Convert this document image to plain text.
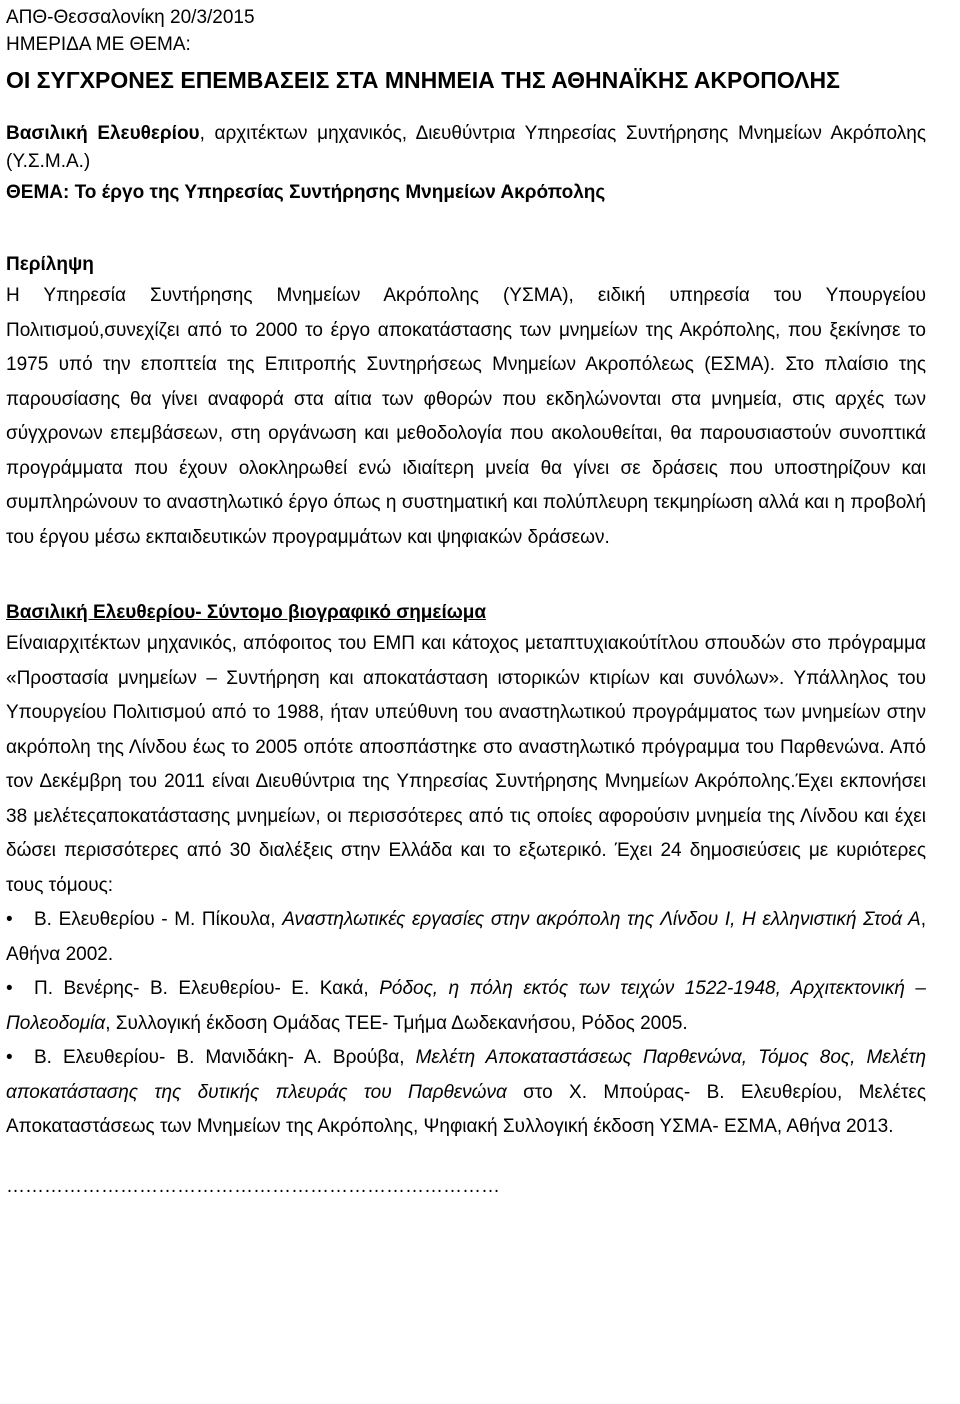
ΑΠΘ-Θεσσαλονίκη 20/3/2015
ΗΜΕΡΙΔΑ ΜΕ ΘΕΜΑ:
ΟΙ ΣΥΓΧΡΟΝΕΣ ΕΠΕΜΒΑΣΕΙΣ ΣΤΑ ΜΝΗΜΕΙΑ ΤΗΣ ΑΘΗΝΑΪΚΗΣ ΑΚΡΟΠΟΛΗΣ
Βασιλική Ελευθερίου, αρχιτέκτων μηχανικός, Διευθύντρια Υπηρεσίας Συντήρησης Μνημείων Ακρόπολης (Υ.Σ.Μ.Α.)
ΘΕΜΑ: Το έργο της Υπηρεσίας Συντήρησης Μνημείων Ακρόπολης
Περίληψη
Η Υπηρεσία Συντήρησης Μνημείων Ακρόπολης (ΥΣΜΑ), ειδική υπηρεσία του Υπουργείου Πολιτισμού,συνεχίζει από το 2000 το έργο αποκατάστασης των μνημείων της Ακρόπολης, που ξεκίνησε το 1975 υπό την εποπτεία της Επιτροπής Συντηρήσεως Μνημείων Ακροπόλεως (ΕΣΜΑ). Στο πλαίσιο της παρουσίασης θα γίνει αναφορά στα αίτια των φθορών που εκδηλώνονται στα μνημεία, στις αρχές των σύγχρονων επεμβάσεων, στη οργάνωση και μεθοδολογία που ακολουθείται, θα παρουσιαστούν συνοπτικά προγράμματα που έχουν ολοκληρωθεί ενώ ιδιαίτερη μνεία θα γίνει σε δράσεις που υποστηρίζουν και συμπληρώνουν το αναστηλωτικό έργο όπως η συστηματική και πολύπλευρη τεκμηρίωση αλλά και η προβολή του έργου μέσω εκπαιδευτικών προγραμμάτων και ψηφιακών δράσεων.
Βασιλική Ελευθερίου- Σύντομο βιογραφικό σημείωμα
Είναιαρχιτέκτων μηχανικός, απόφοιτος του ΕΜΠ και κάτοχος μεταπτυχιακούτίτλου σπουδών στο πρόγραμμα «Προστασία μνημείων – Συντήρηση και αποκατάσταση ιστορικών κτιρίων και συνόλων». Υπάλληλος του Υπουργείου Πολιτισμού από το 1988, ήταν υπεύθυνη του αναστηλωτικού προγράμματος των μνημείων στην ακρόπολη της Λίνδου έως το 2005 οπότε αποσπάστηκε στο αναστηλωτικό πρόγραμμα του Παρθενώνα. Από τον Δεκέμβρη του 2011 είναι Διευθύντρια της Υπηρεσίας Συντήρησης Μνημείων Ακρόπολης.Έχει εκπονήσει 38 μελέτεςαποκατάστασης μνημείων, οι περισσότερες από τις οποίες αφορούσιν μνημεία της Λίνδου και έχει δώσει περισσότερες από 30 διαλέξεις στην Ελλάδα και το εξωτερικό. Έχει 24 δημοσιεύσεις με κυριότερες τους τόμους:
• Β. Ελευθερίου - Μ. Πίκουλα, Αναστηλωτικές εργασίες στην ακρόπολη της Λίνδου Ι, Η ελληνιστική Στοά Α, Αθήνα 2002.
• Π. Βενέρης- Β. Ελευθερίου- Ε. Κακά, Ρόδος, η πόλη εκτός των τειχών 1522-1948, Αρχιτεκτονική – Πολεοδομία, Συλλογική έκδοση Ομάδας ΤΕΕ- Τμήμα Δωδεκανήσου, Ρόδος 2005.
• Β. Ελευθερίου- Β. Μανιδάκη- Α. Βρούβα, Μελέτη Αποκαταστάσεως Παρθενώνα, Τόμος 8ος, Μελέτη αποκατάστασης της δυτικής πλευράς του Παρθενώνα στο Χ. Μπούρας- Β. Ελευθερίου, Μελέτες Αποκαταστάσεως των Μνημείων της Ακρόπολης, Ψηφιακή Συλλογική έκδοση ΥΣΜΑ- ΕΣΜΑ, Αθήνα 2013.
……………………………………………………………………
